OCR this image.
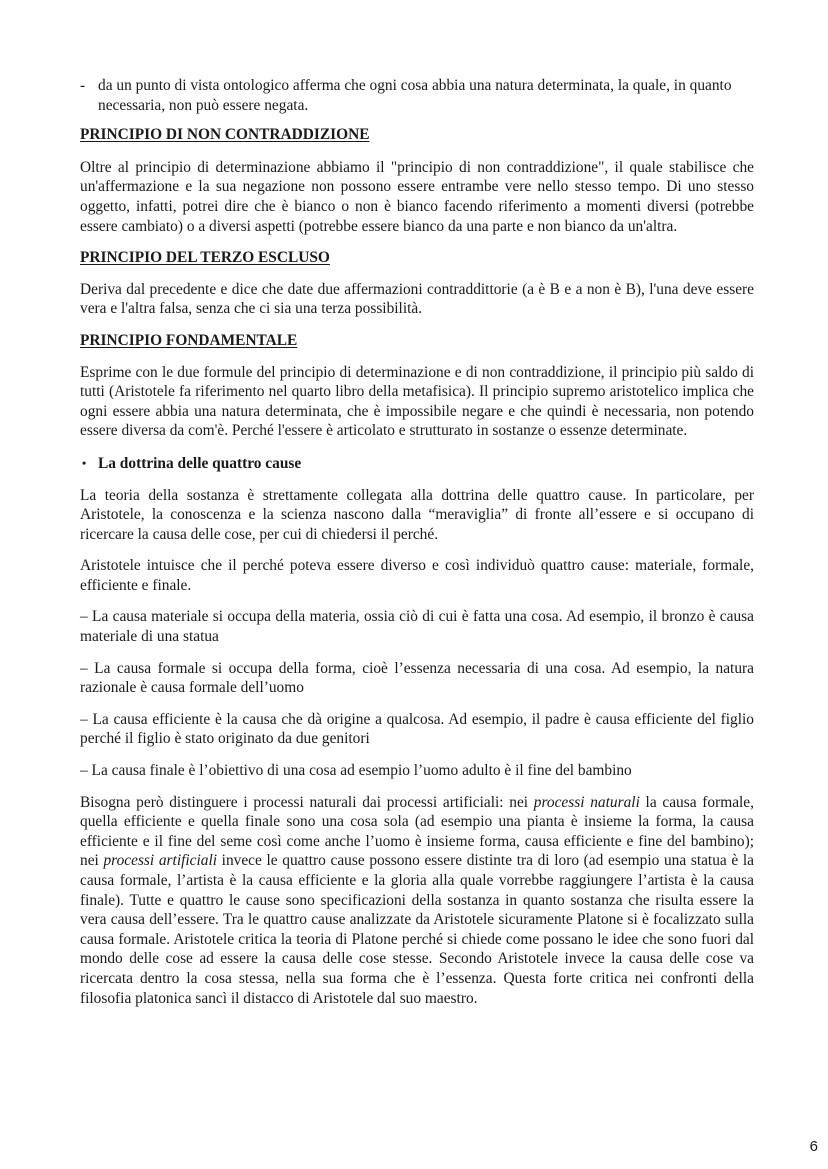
- da un punto di vista ontologico afferma che ogni cosa abbia una natura determinata, la quale, in quanto necessaria, non può essere negata.
PRINCIPIO DI NON CONTRADDIZIONE

Oltre al principio di determinazione abbiamo il "principio di non contraddizione", il quale stabilisce che un'affermazione e la sua negazione non possono essere entrambe vere nello stesso tempo. Di uno stesso oggetto, infatti, potrei dire che è bianco o non è bianco facendo riferimento a momenti diversi (potrebbe essere cambiato) o a diversi aspetti (potrebbe essere bianco da una parte e non bianco da un'altra.

PRINCIPIO DEL TERZO ESCLUSO

Deriva dal precedente e dice che date due affermazioni contraddittorie (a è B e a non è B), l'una deve essere vera e l'altra falsa, senza che ci sia una terza possibilità.

PRINCIPIO FONDAMENTALE

Esprime con le due formule del principio di determinazione e di non contraddizione, il principio più saldo di tutti (Aristotele fa riferimento nel quarto libro della metafisica). Il principio supremo aristotelico implica che ogni essere abbia una natura determinata, che è impossibile negare e che quindi è necessaria, non potendo essere diversa da com'è. Perché l'essere è articolato e strutturato in sostanze o essenze determinate.

• La dottrina delle quattro cause

La teoria della sostanza è strettamente collegata alla dottrina delle quattro cause. In particolare, per Aristotele, la conoscenza e la scienza nascono dalla “meraviglia” di fronte all’essere e si occupano di ricercare la causa delle cose, per cui di chiedersi il perché.

Aristotele intuisce che il perché poteva essere diverso e così individuò quattro cause: materiale, formale, efficiente e finale.

– La causa materiale si occupa della materia, ossia ciò di cui è fatta una cosa. Ad esempio, il bronzo è causa materiale di una statua

– La causa formale si occupa della forma, cioè l’essenza necessaria di una cosa. Ad esempio, la natura razionale è causa formale dell’uomo

– La causa efficiente è la causa che dà origine a qualcosa. Ad esempio, il padre è causa efficiente del figlio perché il figlio è stato originato da due genitori

– La causa finale è l’obiettivo di una cosa ad esempio l’uomo adulto è il fine del bambino

Bisogna però distinguere i processi naturali dai processi artificiali: nei processi naturali la causa formale, quella efficiente e quella finale sono una cosa sola (ad esempio una pianta è insieme la forma, la causa efficiente e il fine del seme così come anche l’uomo è insieme forma, causa efficiente e fine del bambino); nei processi artificiali invece le quattro cause possono essere distinte tra di loro (ad esempio una statua è la causa formale, l’artista è la causa efficiente e la gloria alla quale vorrebbe raggiungere l’artista è la causa finale). Tutte e quattro le cause sono specificazioni della sostanza in quanto sostanza che risulta essere la vera causa dell’essere. Tra le quattro cause analizzate da Aristotele sicuramente Platone si è focalizzato sulla causa formale. Aristotele critica la teoria di Platone perché si chiede come possano le idee che sono fuori dal mondo delle cose ad essere la causa delle cose stesse. Secondo Aristotele invece la causa delle cose va ricercata dentro la cosa stessa, nella sua forma che è l’essenza. Questa forte critica nei confronti della filosofia platonica sancì il distacco di Aristotele dal suo maestro.

6
